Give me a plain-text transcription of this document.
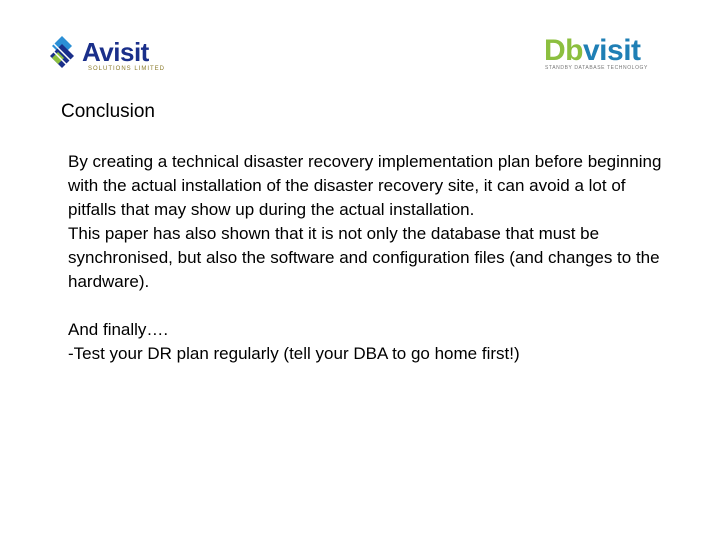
Avisit
SOLUTIONS LIMITED
Dbvisit
STANDBY DATABASE TECHNOLOGY
Conclusion

By creating a technical disaster recovery implementation plan before beginning with the actual installation of the disaster recovery site, it can avoid a lot of pitfalls that may show up during the actual installation.

This paper has also shown that it is not only the database that must be synchronised, but also the software and configuration files (and changes to the hardware).

And finally….

-Test your DR plan regularly (tell your DBA to go home first!)
